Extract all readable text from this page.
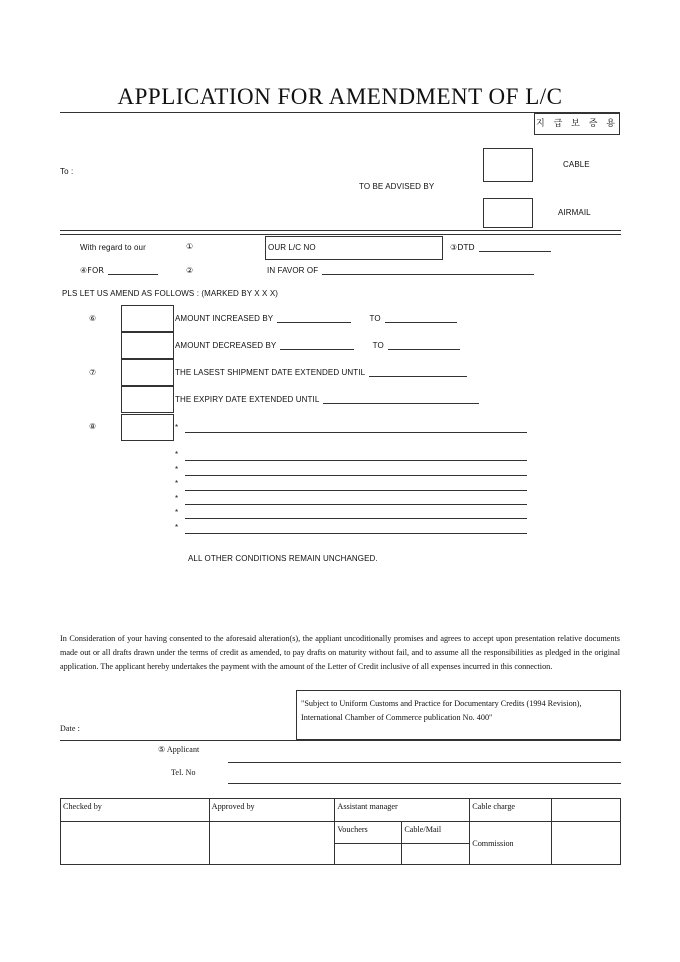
APPLICATION FOR AMENDMENT OF L/C
지 급 보 증 용
To :
TO BE ADVISED BY
CABLE
AIRMAIL
With regard to our	①	OUR L/C NO	③DTD
④FOR	②	IN FAVOR OF
PLS LET US AMEND AS FOLLOWS : (MARKED BY X X X)
⑥	AMOUNT INCREASED BY	TO
AMOUNT DECREASED BY	TO
⑦	THE LASEST SHIPMENT DATE EXTENDED UNTIL
THE EXPIRY DATE EXTENDED UNTIL
⑧	*
*
*
*
*
*
*
ALL OTHER CONDITIONS REMAIN UNCHANGED.
In Consideration of your having consented to the aforesaid alteration(s), the appliant uncoditionally promises and agrees to accept upon presentation relative documents made out or all drafts drawn under the terms of credit as amended, to pay drafts on maturity without fail, and to assume all the responsibilities as pledged in the original application. The applicant hereby undertakes the payment with the amount of the Letter of Credit inclusive of all expenses incurred in this connection.
Date :
"Subject to Uniform Customs and Practice for Documentary Credits (1994 Revision), International Chamber of Commerce publication No. 400"
⑤ Applicant
Tel. No
Checked by	Approved by	Assistant manager		Cable charge	
		Vouchers	Cable/Mail	Commission	
